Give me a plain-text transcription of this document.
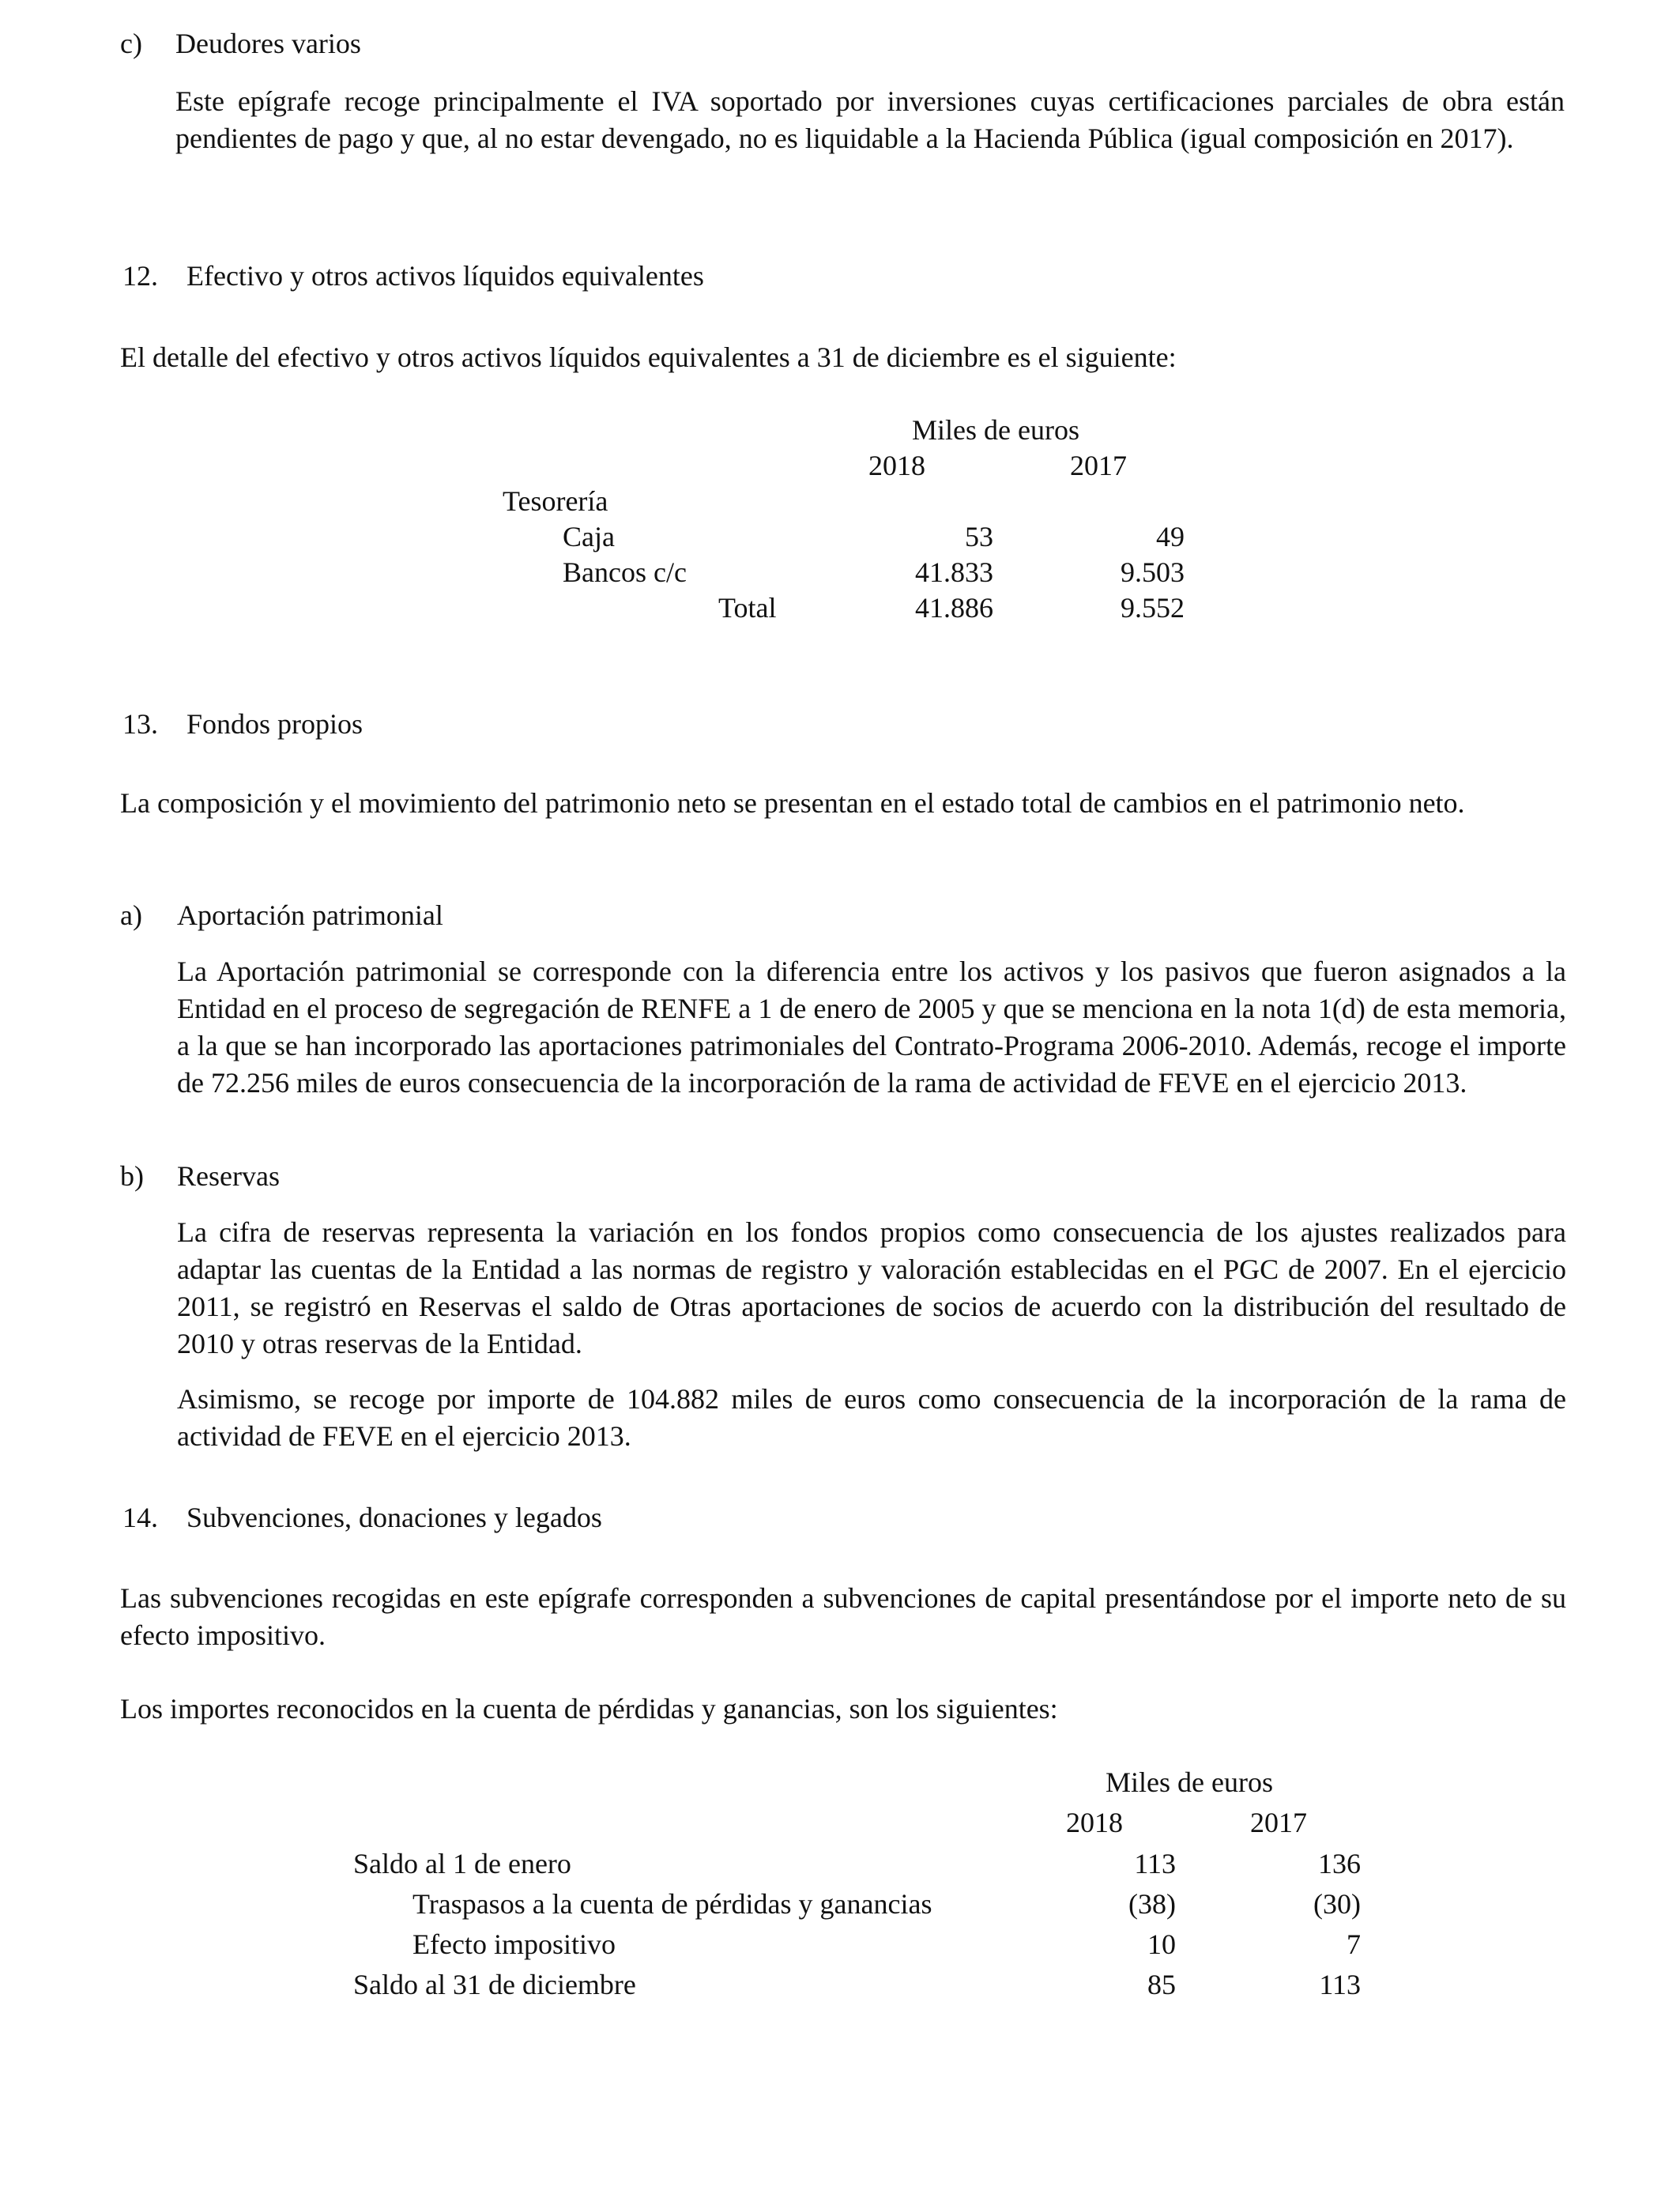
c) Deudores varios
Este epígrafe recoge principalmente el IVA soportado por inversiones cuyas certificaciones parciales de obra están pendientes de pago y que, al no estar devengado, no es liquidable a la Hacienda Pública (igual composición en 2017).
12. Efectivo y otros activos líquidos equivalentes
El detalle del efectivo y otros activos líquidos equivalentes a 31 de diciembre es el siguiente:
Miles de euros
2018	2017
Tesorería
Caja	53	49
Bancos c/c	41.833	9.503
Total	41.886	9.552
13. Fondos propios
La composición y el movimiento del patrimonio neto se presentan en el estado total de cambios en el patrimonio neto.
a) Aportación patrimonial
La Aportación patrimonial se corresponde con la diferencia entre los activos y los pasivos que fueron asignados a la Entidad en el proceso de segregación de RENFE a 1 de enero de 2005 y que se menciona en la nota 1(d) de esta memoria, a la que se han incorporado las aportaciones patrimoniales del Contrato-Programa 2006-2010. Además, recoge el importe de 72.256 miles de euros consecuencia de la incorporación de la rama de actividad de FEVE en el ejercicio 2013.
b) Reservas
La cifra de reservas representa la variación en los fondos propios como consecuencia de los ajustes realizados para adaptar las cuentas de la Entidad a las normas de registro y valoración establecidas en el PGC de 2007. En el ejercicio 2011, se registró en Reservas el saldo de Otras aportaciones de socios de acuerdo con la distribución del resultado de 2010 y otras reservas de la Entidad.
Asimismo, se recoge por importe de 104.882 miles de euros como consecuencia de la incorporación de la rama de actividad de FEVE en el ejercicio 2013.
14. Subvenciones, donaciones y legados
Las subvenciones recogidas en este epígrafe corresponden a subvenciones de capital presentándose por el importe neto de su efecto impositivo.
Los importes reconocidos en la cuenta de pérdidas y ganancias, son los siguientes:
Miles de euros
2018	2017
Saldo al 1 de enero	113	136
Traspasos a la cuenta de pérdidas y ganancias	(38)	(30)
Efecto impositivo	10	7
Saldo al 31 de diciembre	85	113
